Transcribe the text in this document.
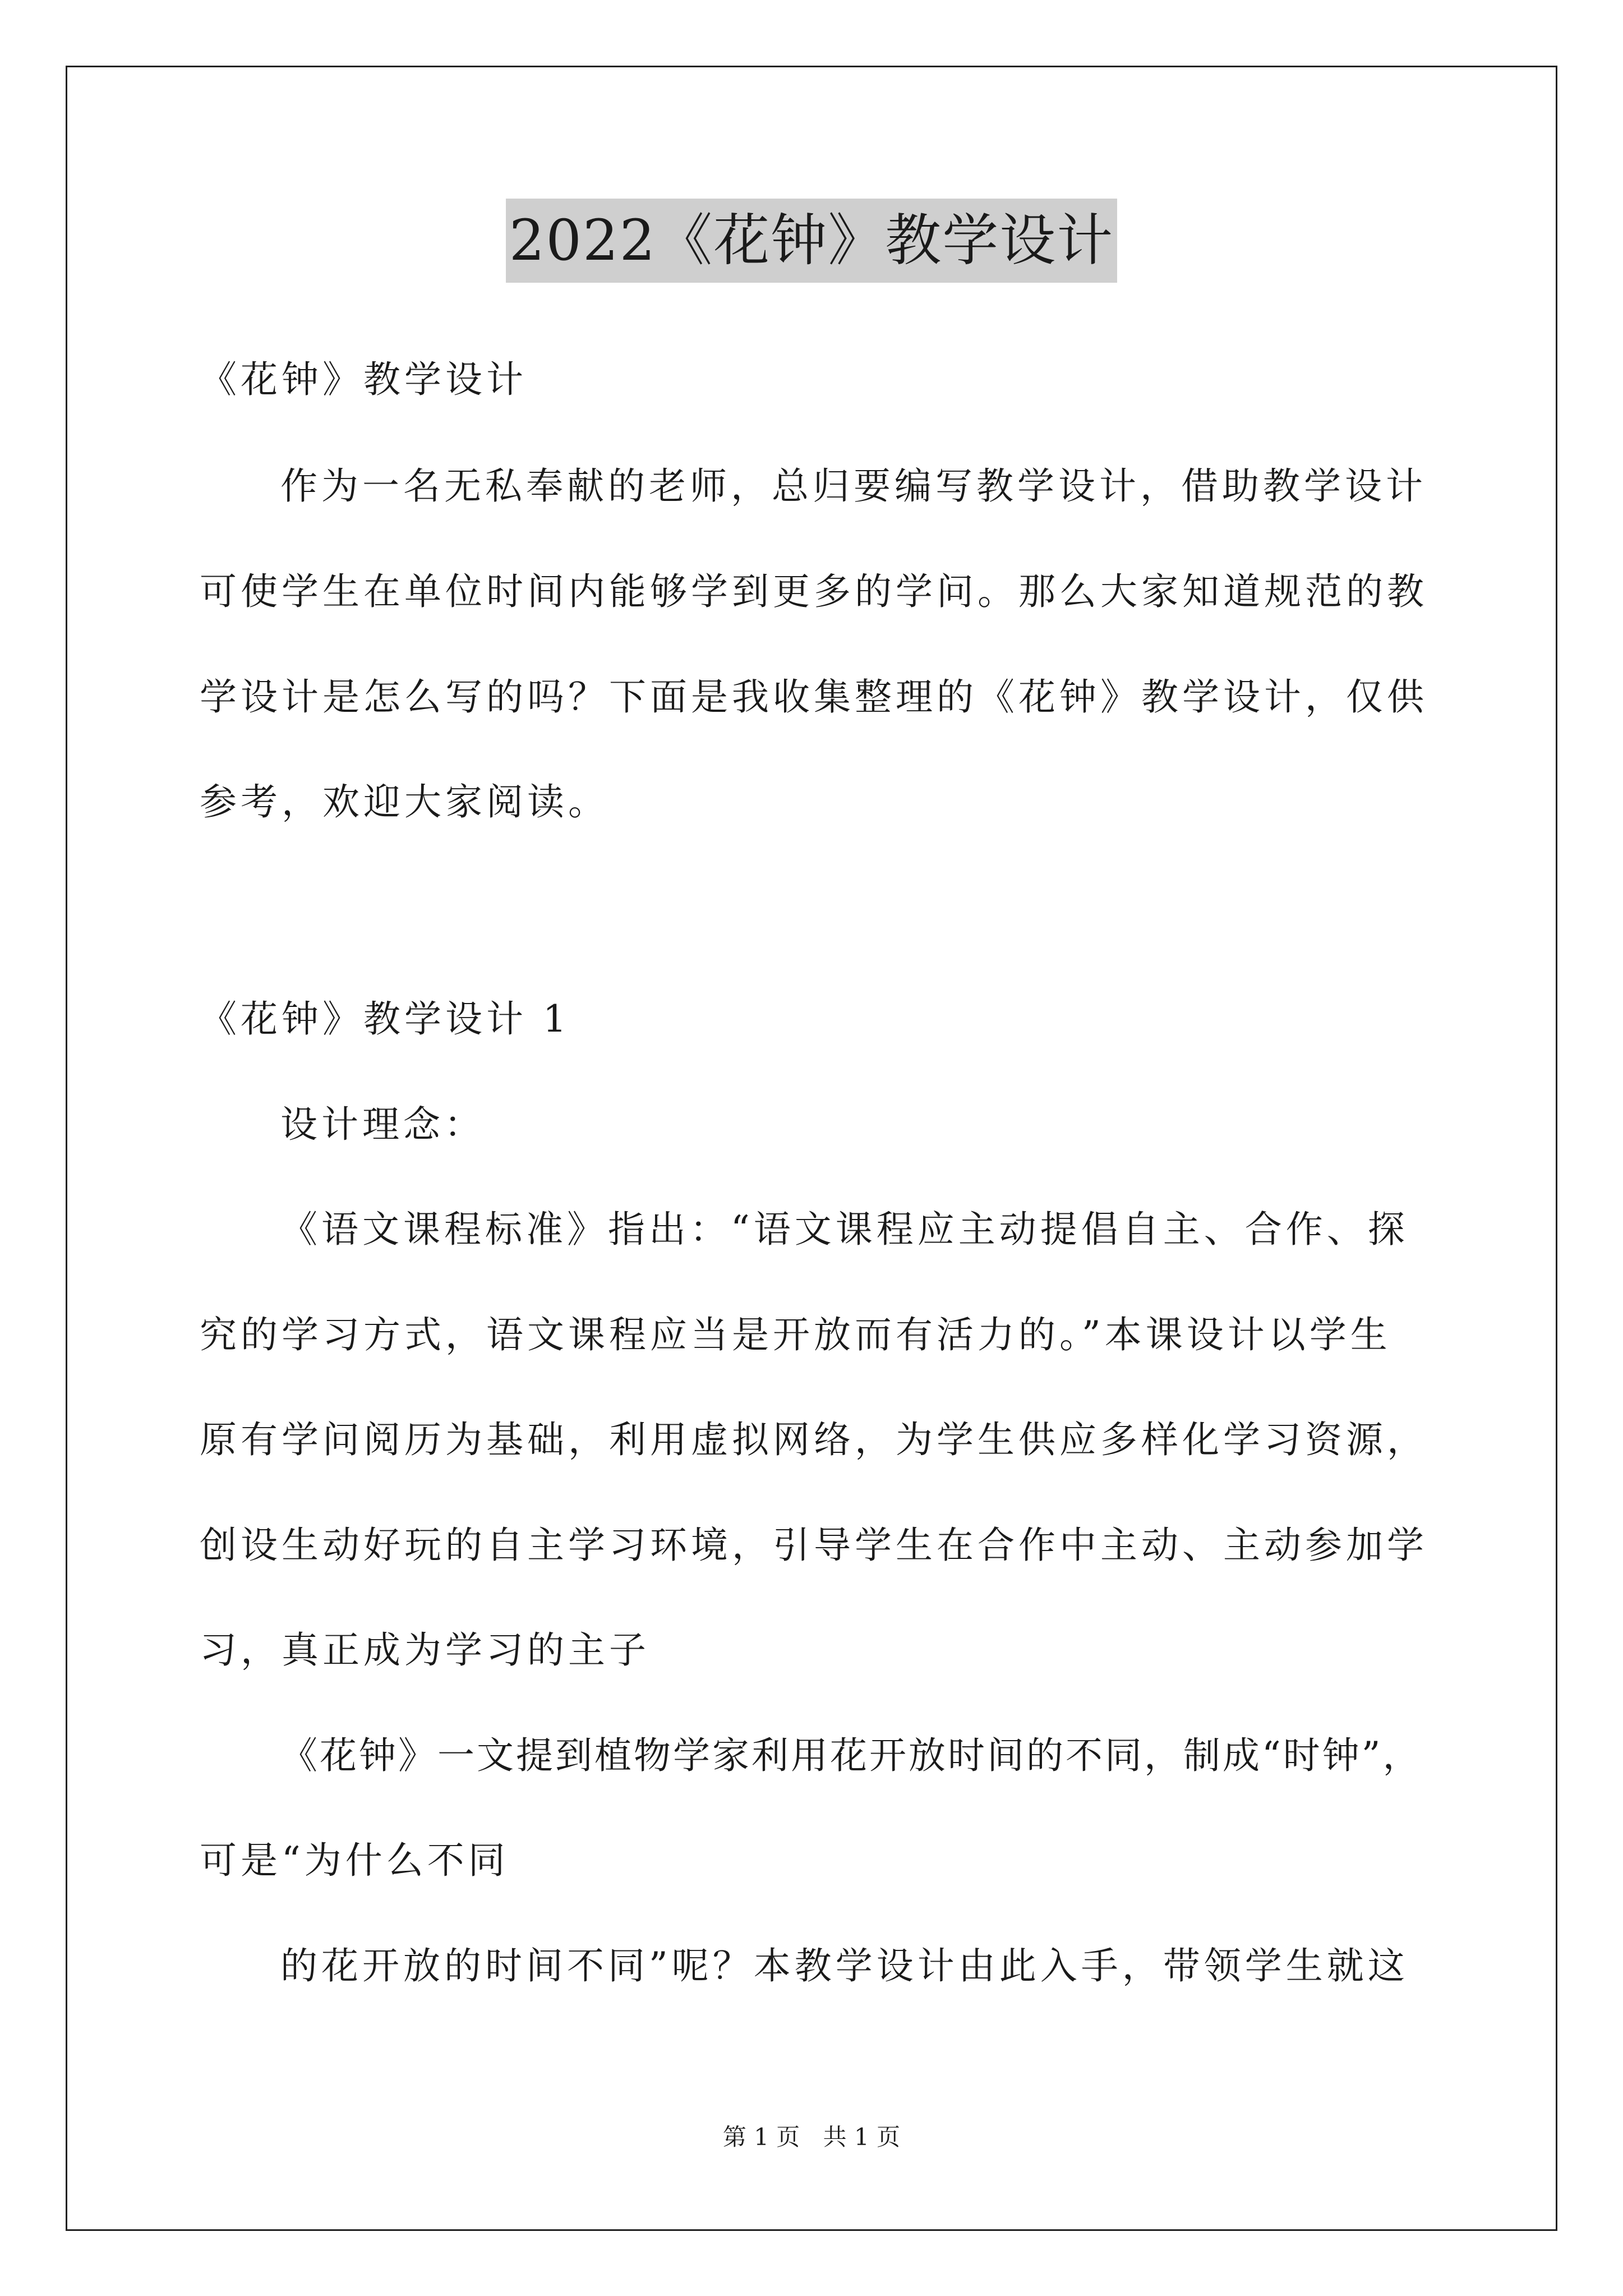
2022《花钟》教学设计
《花钟》教学设计
作为一名无私奉献的老师，总归要编写教学设计，借助教学设计
可使学生在单位时间内能够学到更多的学问。那么大家知道规范的教
学设计是怎么写的吗？下面是我收集整理的《花钟》教学设计，仅供
参考，欢迎大家阅读。
《花钟》教学设计 1
设计理念：
《语文课程标准》指出：“语文课程应主动提倡自主、合作、探
究的学习方式，语文课程应当是开放而有活力的。”本课设计以学生
原有学问阅历为基础，利用虚拟网络，为学生供应多样化学习资源，
创设生动好玩的自主学习环境，引导学生在合作中主动、主动参加学
习，真正成为学习的主子
《花钟》一文提到植物学家利用花开放时间的不同，制成“时钟”，
可是“为什么不同
的花开放的时间不同”呢？本教学设计由此入手，带领学生就这
第 1 页 共 1 页
